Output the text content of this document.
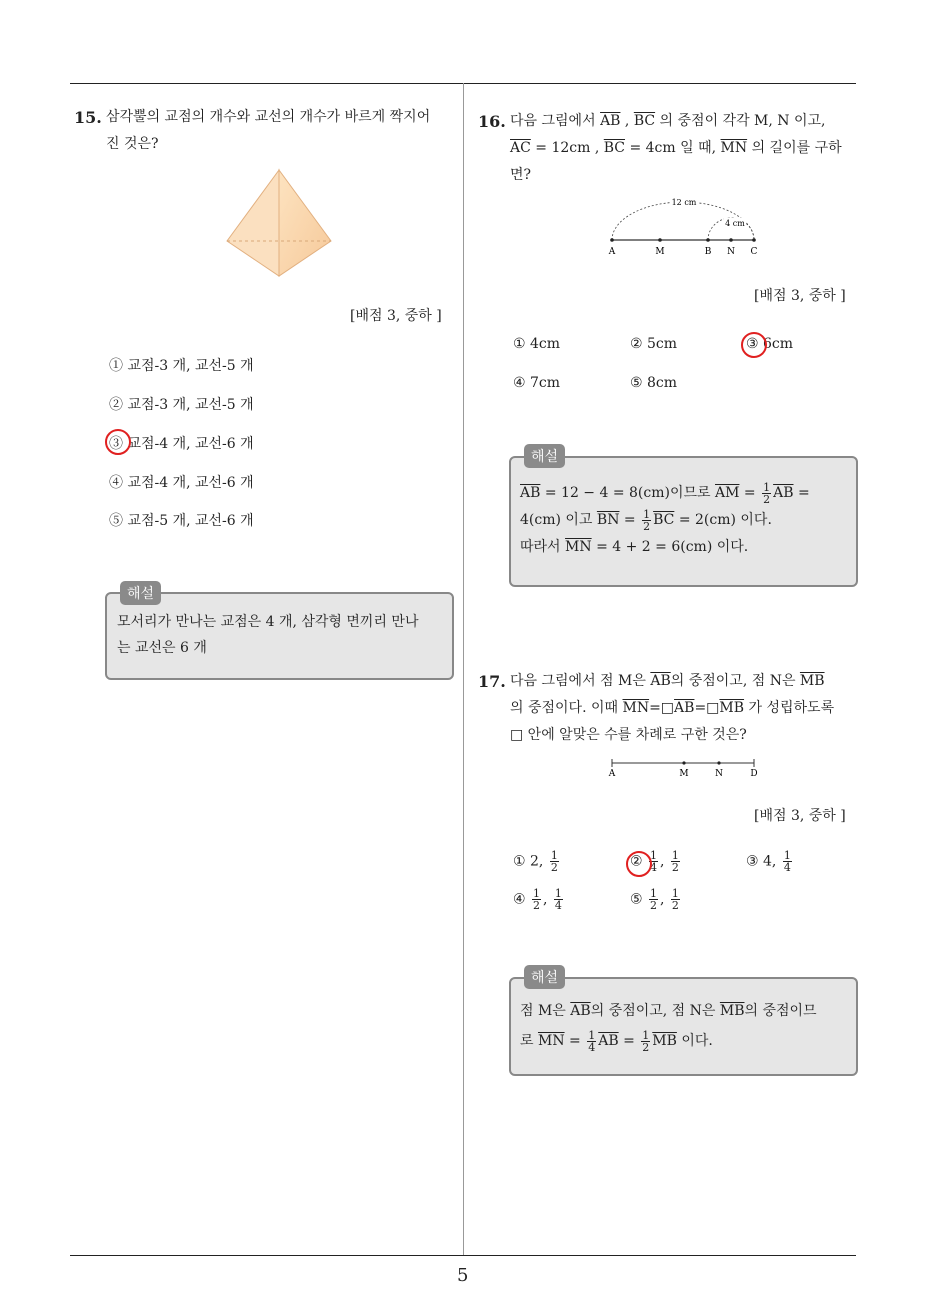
5
15. 삼각뿔의 교점의 개수와 교선의 개수가 바르게 짝지어
진 것은?
[배점 3, 중하 ]
① 교점-3 개, 교선-5 개
② 교점-3 개, 교선-5 개
③ 교점-4 개, 교선-6 개
④ 교점-4 개, 교선-6 개
⑤ 교점-5 개, 교선-6 개
해설
모서리가 만나는 교점은 4 개, 삼각형 면끼리 만나
는 교선은 6 개
16. 다음 그림에서 $\overline{AB}$ , $\overline{BC}$ 의 중점이 각각 M, N 이고,
$\overline{AC} = 12cm$ , $\overline{BC} = 4cm$ 일 때, $\overline{MN}$ 의 길이를 구하
면?
12 cm
4 cm
A	M	B N C
[배점 3, 중하 ]
① 4cm	② 5cm	③ 6cm
④ 7cm	⑤ 8cm
해설
$\overline{AB} = 12 - 4 = 8(cm)$이므로 $\overline{AM} = \frac{1}{2} \overline{AB}$ =
4(cm) 이고 $\overline{BN} = \frac{1}{2} \overline{BC} = 2(cm)$ 이다.
따라서 $\overline{MN} = 4 + 2 = 6(cm)$ 이다.
17. 다음 그림에서 점 M은 $\overline{AB}$의 중점이고, 점 N은 $\overline{MB}$
의 중점이다. 이때 $\overline{MN}=□\overline{AB}=□\overline{MB}$ 가 성립하도록
□ 안에 알맞은 수를 차례로 구한 것은?
A	M	N	D
[배점 3, 중하 ]
① 2, $\frac{1}{2}$	② $\frac{1}{4}$ , $\frac{1}{2}$	③ 4, $\frac{1}{4}$
④ $\frac{1}{2}$ , $\frac{1}{4}$	⑤ $\frac{1}{2}$ , $\frac{1}{2}$
해설
점 M은 $\overline{AB}$의 중점이고, 점 N은 $\overline{MB}$의 중점이므
로 $\overline{MN} = \frac{1}{4} \overline{AB} = \frac{1}{2} \overline{MB}$ 이다.
